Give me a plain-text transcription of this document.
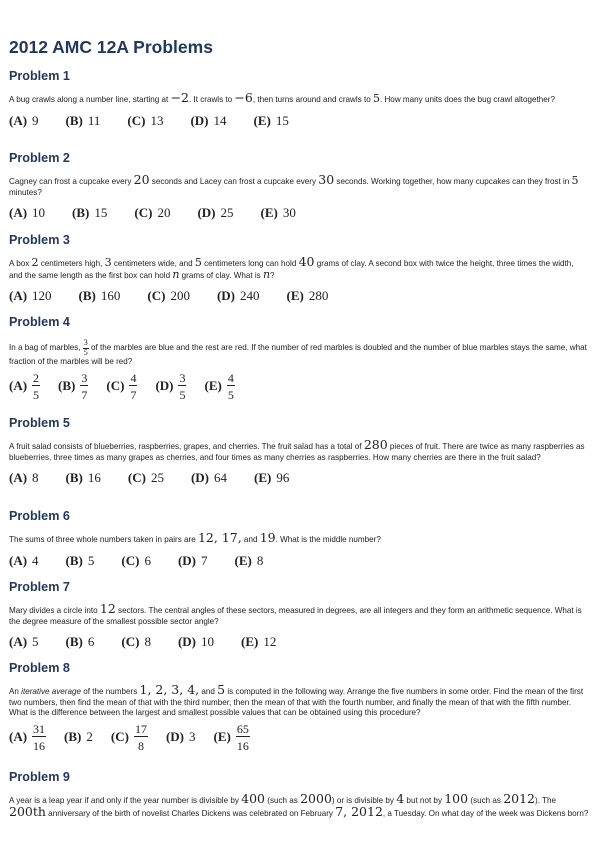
2012 AMC 12A Problems
Problem 1

A bug crawls along a number line, starting at −2. It crawls to −6, then turns around and crawls to 5. How many units does the bug crawl altogether?

(A) 9 (B) 11 (C) 13 (D) 14 (E) 15
Problem 2

Cagney can frost a cupcake every 20 seconds and Lacey can frost a cupcake every 30 seconds. Working together, how many cupcakes can they frost in 5 minutes?

(A) 10 (B) 15 (C) 20 (D) 25 (E) 30
Problem 3

A box 2 centimeters high, 3 centimeters wide, and 5 centimeters long can hold 40 grams of clay. A second box with twice the height, three times the width, and the same length as the first box can hold n grams of clay. What is n?

(A) 120 (B) 160 (C) 200 (D) 240 (E) 280
Problem 4

In a bag of marbles, $\frac{3}{5}$ of the marbles are blue and the rest are red. If the number of red marbles is doubled and the number of blue marbles stays the same, what fraction of the marbles will be red?

$(A) \frac{2}{5} (B) \frac{3}{7} (C) \frac{4}{7} (D) \frac{3}{5} (E) \frac{4}{5}$
Problem 5

A fruit salad consists of blueberries, raspberries, grapes, and cherries. The fruit salad has a total of 280 pieces of fruit. There are twice as many raspberries as blueberries, three times as many grapes as cherries, and four times as many cherries as raspberries. How many cherries are there in the fruit salad?

(A) 8 (B) 16 (C) 25 (D) 64 (E) 96
Problem 6

The sums of three whole numbers taken in pairs are 12, 17, and 19. What is the middle number?

(A) 4 (B) 5 (C) 6 (D) 7 (E) 8
Problem 7

Mary divides a circle into 12 sectors. The central angles of these sectors, measured in degrees, are all integers and they form an arithmetic sequence. What is the degree measure of the smallest possible sector angle?

(A) 5 (B) 6 (C) 8 (D) 10 (E) 12
Problem 8

An iterative average of the numbers 1, 2, 3, 4, and 5 is computed in the following way. Arrange the five numbers in some order. Find the mean of the first two numbers, then find the mean of that with the third number, then the mean of that with the fourth number, and finally the mean of that with the fifth number. What is the difference between the largest and smallest possible values that can be obtained using this procedure?

$(A) \frac{31}{16} (B)$ 2 $(C) \frac{17}{8} (D)$ 3 $(E) \frac{65}{16}$
Problem 9

A year is a leap year if and only if the year number is divisible by 400 (such as 2000) or is divisible by 4 but not by 100 (such as 2012). The 200th anniversary of the birth of novelist Charles Dickens was celebrated on February 7, 2012, a Tuesday. On what day of the week was Dickens born?
